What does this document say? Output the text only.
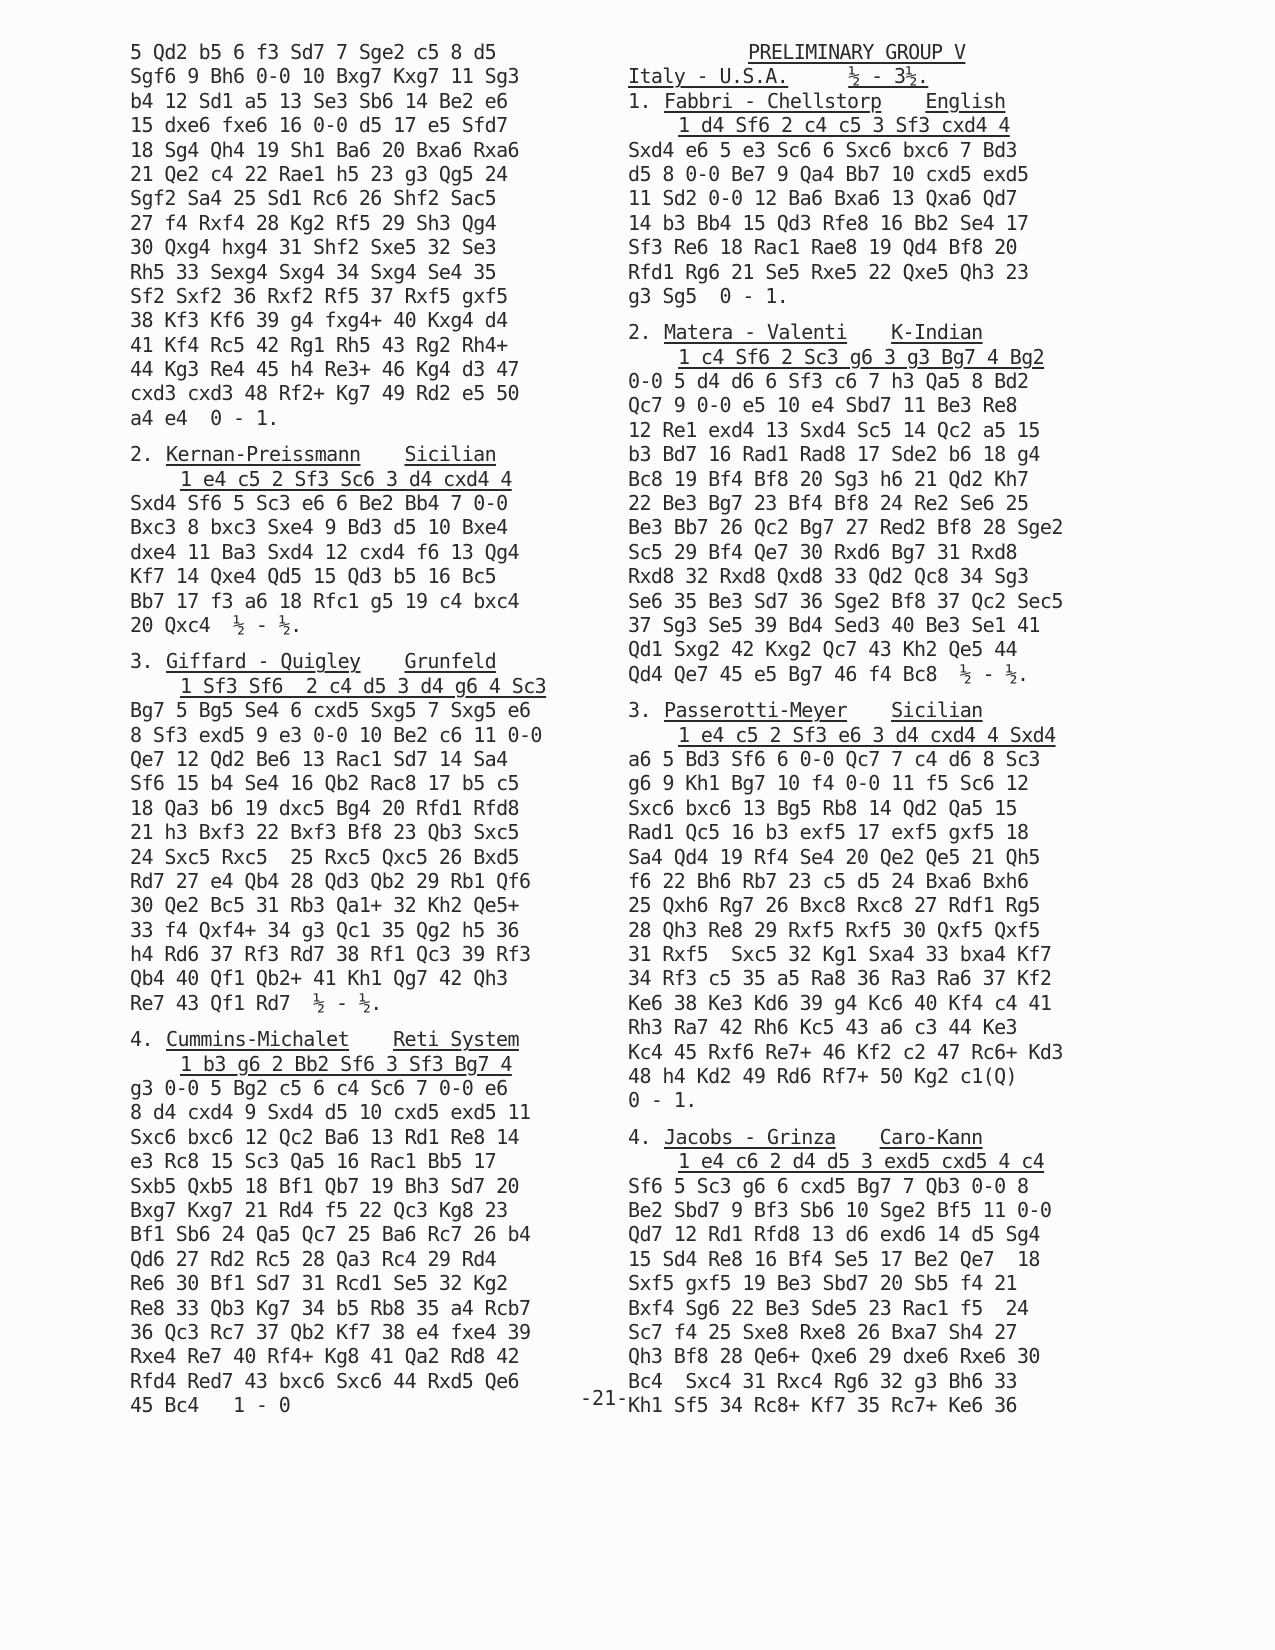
5 Qd2 b5 6 f3 Sd7 7 Sge2 c5 8 d5
Sgf6 9 Bh6 0-0 10 Bxg7 Kxg7 11 Sg3
b4 12 Sd1 a5 13 Se3 Sb6 14 Be2 e6
15 dxe6 fxe6 16 0-0 d5 17 e5 Sfd7
18 Sg4 Qh4 19 Sh1 Ba6 20 Bxa6 Rxa6
21 Qe2 c4 22 Rae1 h5 23 g3 Qg5 24
Sgf2 Sa4 25 Sd1 Rc6 26 Shf2 Sac5
27 f4 Rxf4 28 Kg2 Rf5 29 Sh3 Qg4
30 Qxg4 hxg4 31 Shf2 Sxe5 32 Se3
Rh5 33 Sexg4 Sxg4 34 Sxg4 Se4 35
Sf2 Sxf2 36 Rxf2 Rf5 37 Rxf5 gxf5
38 Kf3 Kf6 39 g4 fxg4+ 40 Kxg4 d4
41 Kf4 Rc5 42 Rg1 Rh5 43 Rg2 Rh4+
44 Kg3 Re4 45 h4 Re3+ 46 Kg4 d3 47
cxd3 cxd3 48 Rf2+ Kg7 49 Rd2 e5 50
a4 e4  0 - 1.
2. Kernan-Preissmann Sicilian
1 e4 c5 2 Sf3 Sc6 3 d4 cxd4 4
Sxd4 Sf6 5 Sc3 e6 6 Be2 Bb4 7 0-0
Bxc3 8 bxc3 Sxe4 9 Bd3 d5 10 Bxe4
dxe4 11 Ba3 Sxd4 12 cxd4 f6 13 Qg4
Kf7 14 Qxe4 Qd5 15 Qd3 b5 16 Bc5
Bb7 17 f3 a6 18 Rfc1 g5 19 c4 bxc4
20 Qxc4  ½ - ½.
3. Giffard - Quigley Grunfeld
1 Sf3 Sf6  2 c4 d5 3 d4 g6 4 Sc3
Bg7 5 Bg5 Se4 6 cxd5 Sxg5 7 Sxg5 e6
8 Sf3 exd5 9 e3 0-0 10 Be2 c6 11 0-0
Qe7 12 Qd2 Be6 13 Rac1 Sd7 14 Sa4
Sf6 15 b4 Se4 16 Qb2 Rac8 17 b5 c5
18 Qa3 b6 19 dxc5 Bg4 20 Rfd1 Rfd8
21 h3 Bxf3 22 Bxf3 Bf8 23 Qb3 Sxc5
24 Sxc5 Rxc5  25 Rxc5 Qxc5 26 Bxd5
Rd7 27 e4 Qb4 28 Qd3 Qb2 29 Rb1 Qf6
30 Qe2 Bc5 31 Rb3 Qa1+ 32 Kh2 Qe5+
33 f4 Qxf4+ 34 g3 Qc1 35 Qg2 h5 36
h4 Rd6 37 Rf3 Rd7 38 Rf1 Qc3 39 Rf3
Qb4 40 Qf1 Qb2+ 41 Kh1 Qg7 42 Qh3
Re7 43 Qf1 Rd7  ½ - ½.
4. Cummins-Michalet Reti System
1 b3 g6 2 Bb2 Sf6 3 Sf3 Bg7 4
g3 0-0 5 Bg2 c5 6 c4 Sc6 7 0-0 e6
8 d4 cxd4 9 Sxd4 d5 10 cxd5 exd5 11
Sxc6 bxc6 12 Qc2 Ba6 13 Rd1 Re8 14
e3 Rc8 15 Sc3 Qa5 16 Rac1 Bb5 17
Sxb5 Qxb5 18 Bf1 Qb7 19 Bh3 Sd7 20
Bxg7 Kxg7 21 Rd4 f5 22 Qc3 Kg8 23
Bf1 Sb6 24 Qa5 Qc7 25 Ba6 Rc7 26 b4
Qd6 27 Rd2 Rc5 28 Qa3 Rc4 29 Rd4
Re6 30 Bf1 Sd7 31 Rcd1 Se5 32 Kg2
Re8 33 Qb3 Kg7 34 b5 Rb8 35 a4 Rcb7
36 Qc3 Rc7 37 Qb2 Kf7 38 e4 fxe4 39
Rxe4 Re7 40 Rf4+ Kg8 41 Qa2 Rd8 42
Rfd4 Red7 43 bxc6 Sxc6 44 Rxd5 Qe6
45 Bc4   1 - 0
PRELIMINARY GROUP V
Italy - U.S.A.	½ - 3½.
1. Fabbri - Chellstorp English
1 d4 Sf6 2 c4 c5 3 Sf3 cxd4 4
Sxd4 e6 5 e3 Sc6 6 Sxc6 bxc6 7 Bd3
d5 8 0-0 Be7 9 Qa4 Bb7 10 cxd5 exd5
11 Sd2 0-0 12 Ba6 Bxa6 13 Qxa6 Qd7
14 b3 Bb4 15 Qd3 Rfe8 16 Bb2 Se4 17
Sf3 Re6 18 Rac1 Rae8 19 Qd4 Bf8 20
Rfd1 Rg6 21 Se5 Rxe5 22 Qxe5 Qh3 23
g3 Sg5  0 - 1.
2. Matera - Valenti K-Indian
1 c4 Sf6 2 Sc3 g6 3 g3 Bg7 4 Bg2
0-0 5 d4 d6 6 Sf3 c6 7 h3 Qa5 8 Bd2
Qc7 9 0-0 e5 10 e4 Sbd7 11 Be3 Re8
12 Re1 exd4 13 Sxd4 Sc5 14 Qc2 a5 15
b3 Bd7 16 Rad1 Rad8 17 Sde2 b6 18 g4
Bc8 19 Bf4 Bf8 20 Sg3 h6 21 Qd2 Kh7
22 Be3 Bg7 23 Bf4 Bf8 24 Re2 Se6 25
Be3 Bb7 26 Qc2 Bg7 27 Red2 Bf8 28 Sge2
Sc5 29 Bf4 Qe7 30 Rxd6 Bg7 31 Rxd8
Rxd8 32 Rxd8 Qxd8 33 Qd2 Qc8 34 Sg3
Se6 35 Be3 Sd7 36 Sge2 Bf8 37 Qc2 Sec5
37 Sg3 Se5 39 Bd4 Sed3 40 Be3 Se1 41
Qd1 Sxg2 42 Kxg2 Qc7 43 Kh2 Qe5 44
Qd4 Qe7 45 e5 Bg7 46 f4 Bc8  ½ - ½.
3. Passerotti-Meyer Sicilian
1 e4 c5 2 Sf3 e6 3 d4 cxd4 4 Sxd4
a6 5 Bd3 Sf6 6 0-0 Qc7 7 c4 d6 8 Sc3
g6 9 Kh1 Bg7 10 f4 0-0 11 f5 Sc6 12
Sxc6 bxc6 13 Bg5 Rb8 14 Qd2 Qa5 15
Rad1 Qc5 16 b3 exf5 17 exf5 gxf5 18
Sa4 Qd4 19 Rf4 Se4 20 Qe2 Qe5 21 Qh5
f6 22 Bh6 Rb7 23 c5 d5 24 Bxa6 Bxh6
25 Qxh6 Rg7 26 Bxc8 Rxc8 27 Rdf1 Rg5
28 Qh3 Re8 29 Rxf5 Rxf5 30 Qxf5 Qxf5
31 Rxf5  Sxc5 32 Kg1 Sxa4 33 bxa4 Kf7
34 Rf3 c5 35 a5 Ra8 36 Ra3 Ra6 37 Kf2
Ke6 38 Ke3 Kd6 39 g4 Kc6 40 Kf4 c4 41
Rh3 Ra7 42 Rh6 Kc5 43 a6 c3 44 Ke3
Kc4 45 Rxf6 Re7+ 46 Kf2 c2 47 Rc6+ Kd3
48 h4 Kd2 49 Rd6 Rf7+ 50 Kg2 c1(Q)
0 - 1.
4. Jacobs - Grinza Caro-Kann
1 e4 c6 2 d4 d5 3 exd5 cxd5 4 c4
Sf6 5 Sc3 g6 6 cxd5 Bg7 7 Qb3 0-0 8
Be2 Sbd7 9 Bf3 Sb6 10 Sge2 Bf5 11 0-0
Qd7 12 Rd1 Rfd8 13 d6 exd6 14 d5 Sg4
15 Sd4 Re8 16 Bf4 Se5 17 Be2 Qe7  18
Sxf5 gxf5 19 Be3 Sbd7 20 Sb5 f4 21
Bxf4 Sg6 22 Be3 Sde5 23 Rac1 f5  24
Sc7 f4 25 Sxe8 Rxe8 26 Bxa7 Sh4 27
Qh3 Bf8 28 Qe6+ Qxe6 29 dxe6 Rxe6 30
Bc4  Sxc4 31 Rxc4 Rg6 32 g3 Bh6 33
Kh1 Sf5 34 Rc8+ Kf7 35 Rc7+ Ke6 36
-21-
